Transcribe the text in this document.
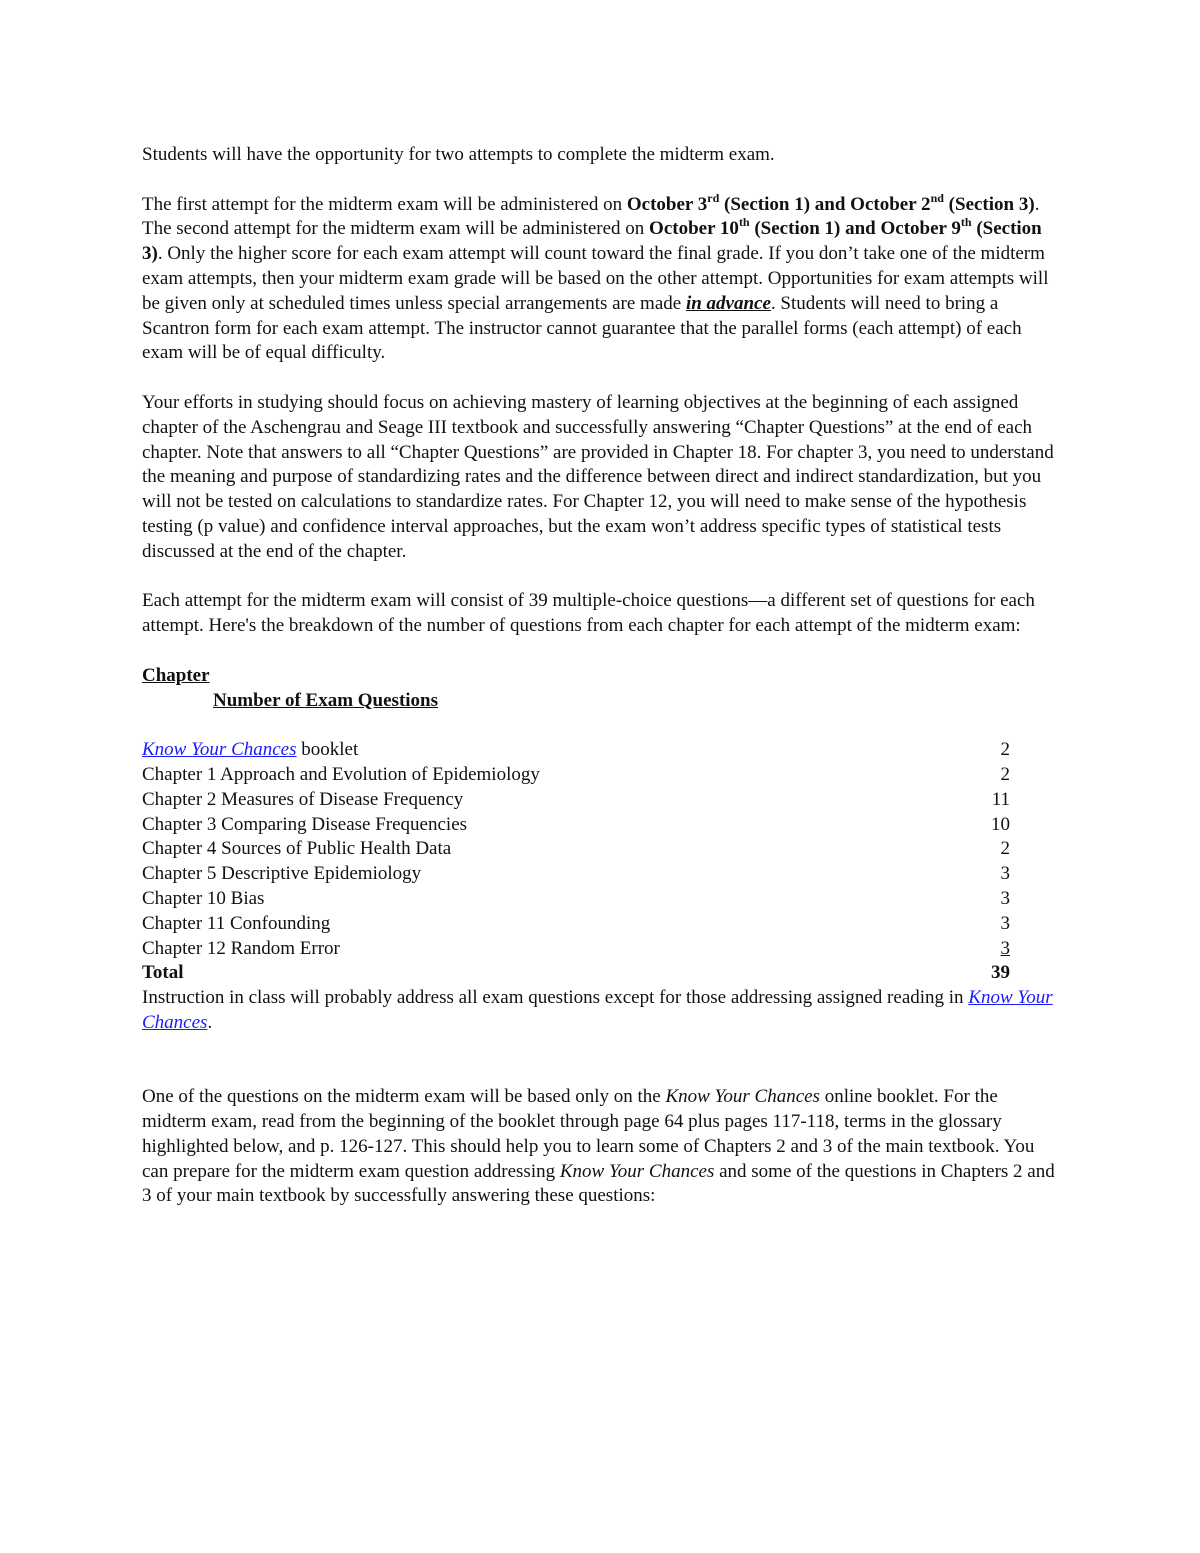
Students will have the opportunity for two attempts to complete the midterm exam.

The first attempt for the midterm exam will be administered on October 3rd (Section 1) and October 2nd (Section 3). The second attempt for the midterm exam will be administered on October 10th (Section 1) and October 9th (Section 3). Only the higher score for each exam attempt will count toward the final grade. If you don’t take one of the midterm exam attempts, then your midterm exam grade will be based on the other attempt. Opportunities for exam attempts will be given only at scheduled times unless special arrangements are made in advance. Students will need to bring a Scantron form for each exam attempt. The instructor cannot guarantee that the parallel forms (each attempt) of each exam will be of equal difficulty.

Your efforts in studying should focus on achieving mastery of learning objectives at the beginning of each assigned chapter of the Aschengrau and Seage III textbook and successfully answering “Chapter Questions” at the end of each chapter. Note that answers to all “Chapter Questions” are provided in Chapter 18. For chapter 3, you need to understand the meaning and purpose of standardizing rates and the difference between direct and indirect standardization, but you will not be tested on calculations to standardize rates. For Chapter 12, you will need to make sense of the hypothesis testing (p value) and confidence interval approaches, but the exam won’t address specific types of statistical tests discussed at the end of the chapter.

Each attempt for the midterm exam will consist of 39 multiple-choice questions—a different set of questions for each attempt. Here's the breakdown of the number of questions from each chapter for each attempt of the midterm exam:

Chapter
Number of Exam Questions
Know Your Chances booklet	2
Chapter 1 Approach and Evolution of Epidemiology	2
Chapter 2 Measures of Disease Frequency	11
Chapter 3 Comparing Disease Frequencies	10
Chapter 4 Sources of Public Health Data	2
Chapter 5 Descriptive Epidemiology	3
Chapter 10 Bias	3
Chapter 11 Confounding	3
Chapter 12 Random Error	3
Total	39

Instruction in class will probably address all exam questions except for those addressing assigned reading in Know Your Chances.

One of the questions on the midterm exam will be based only on the Know Your Chances online booklet. For the midterm exam, read from the beginning of the booklet through page 64 plus pages 117-118, terms in the glossary highlighted below, and p. 126-127. This should help you to learn some of Chapters 2 and 3 of the main textbook. You can prepare for the midterm exam question addressing Know Your Chances and some of the questions in Chapters 2 and 3 of your main textbook by successfully answering these questions:
